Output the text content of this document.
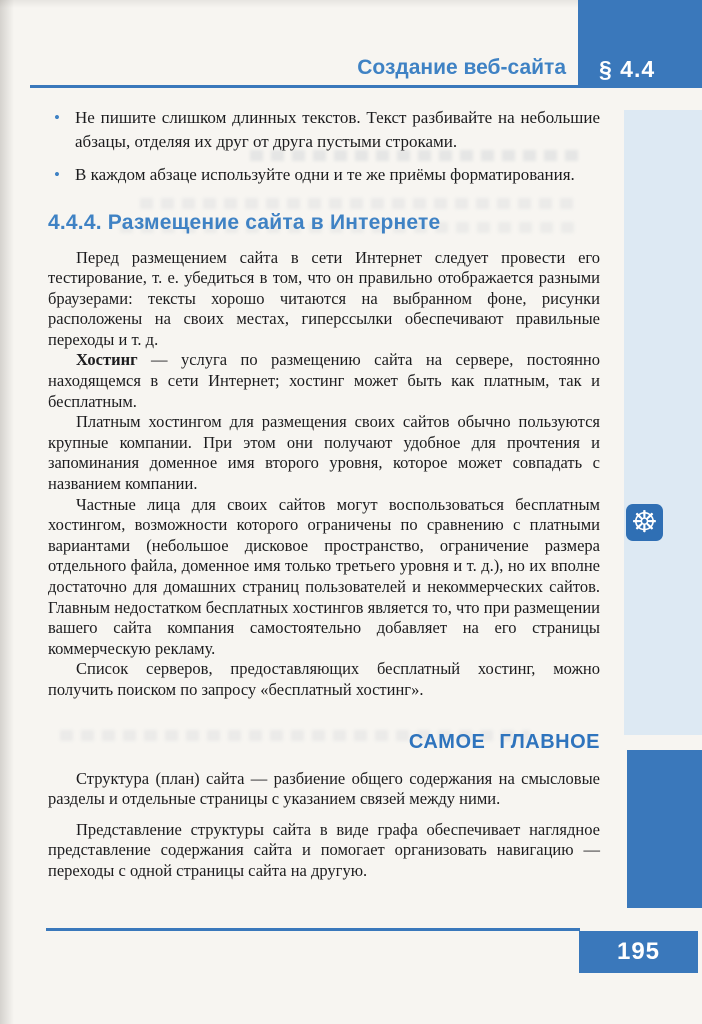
Создание веб-сайта	§ 4.4
☸
• Не пишите слишком длинных текстов. Текст разбивайте на небольшие абзацы, отделяя их друг от друга пустыми строками.
• В каждом абзаце используйте одни и те же приёмы форматирования.
4.4.4. Размещение сайта в Интернете

Перед размещением сайта в сети Интернет следует провести его тестирование, т. е. убедиться в том, что он правильно отображается разными браузерами: тексты хорошо читаются на выбранном фоне, рисунки расположены на своих местах, гиперссылки обеспечивают правильные переходы и т. д.

Хостинг — услуга по размещению сайта на сервере, постоянно находящемся в сети Интернет; хостинг может быть как платным, так и бесплатным.

Платным хостингом для размещения своих сайтов обычно пользуются крупные компании. При этом они получают удобное для прочтения и запоминания доменное имя второго уровня, которое может совпадать с названием компании.

Частные лица для своих сайтов могут воспользоваться бесплатным хостингом, возможности которого ограничены по сравнению с платными вариантами (небольшое дисковое пространство, ограничение размера отдельного файла, доменное имя только третьего уровня и т. д.), но их вполне достаточно для домашних страниц пользователей и некоммерческих сайтов. Главным недостатком бесплатных хостингов является то, что при размещении вашего сайта компания самостоятельно добавляет на его страницы коммерческую рекламу.

Список серверов, предоставляющих бесплатный хостинг, можно получить поиском по запросу «бесплатный хостинг».

САМОЕ ГЛАВНОЕ

Структура (план) сайта — разбиение общего содержания на смысловые разделы и отдельные страницы с указанием связей между ними.

Представление структуры сайта в виде графа обеспечивает наглядное представление содержания сайта и помогает организовать навигацию — переходы с одной страницы сайта на другую.

195
